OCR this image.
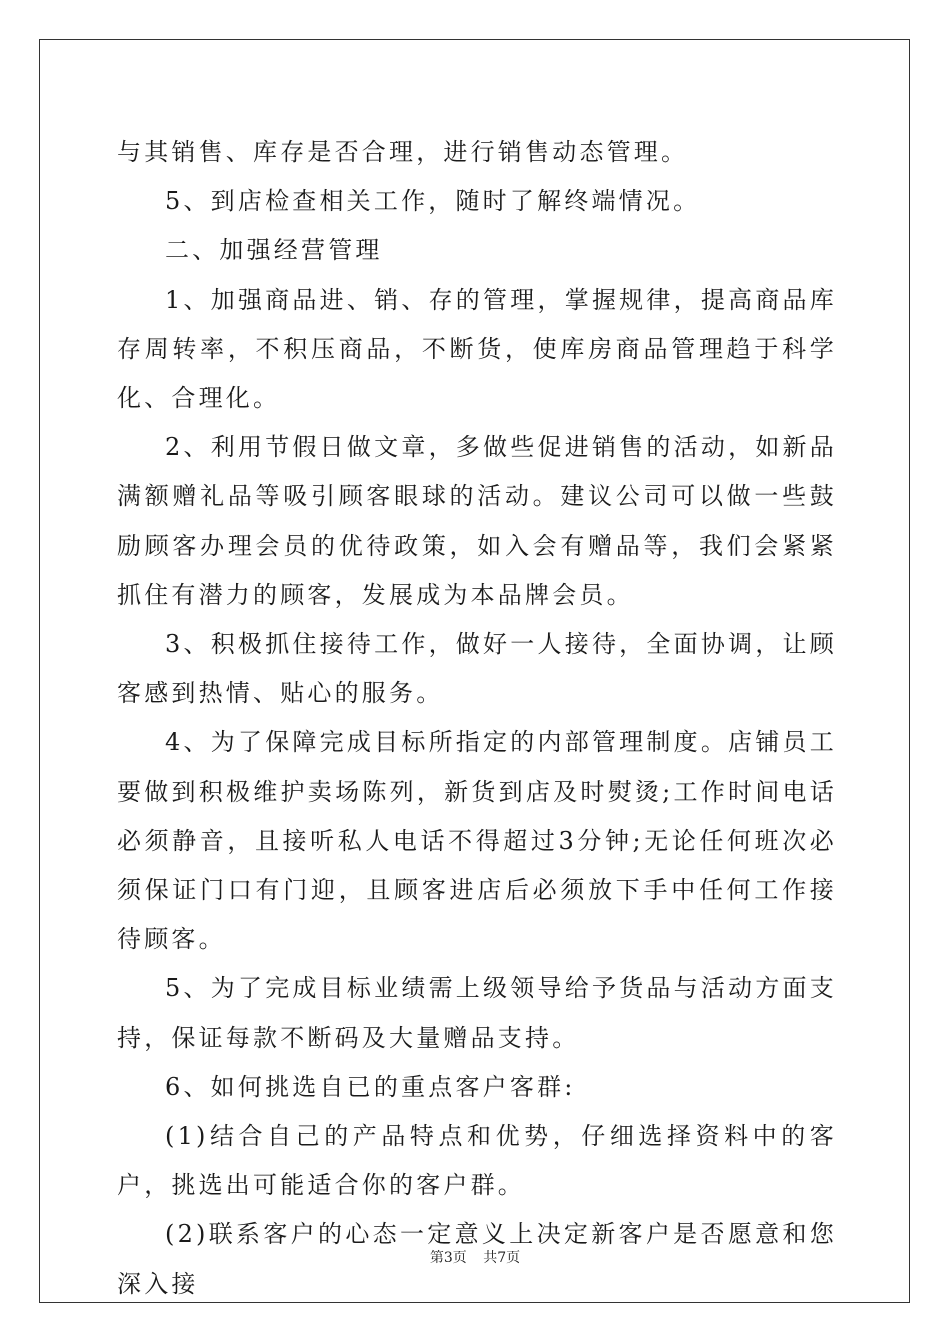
与其销售、库存是否合理，进行销售动态管理。

5、到店检查相关工作，随时了解终端情况。

二、加强经营管理

1、加强商品进、销、存的管理，掌握规律，提高商品库存周转率，不积压商品，不断货，使库房商品管理趋于科学化、合理化。

2、利用节假日做文章，多做些促进销售的活动，如新品满额赠礼品等吸引顾客眼球的活动。建议公司可以做一些鼓励顾客办理会员的优待政策，如入会有赠品等，我们会紧紧抓住有潜力的顾客，发展成为本品牌会员。

3、积极抓住接待工作，做好一人接待，全面协调，让顾客感到热情、贴心的服务。

4、为了保障完成目标所指定的内部管理制度。店铺员工要做到积极维护卖场陈列，新货到店及时熨烫;工作时间电话必须静音，且接听私人电话不得超过3分钟;无论任何班次必须保证门口有门迎，且顾客进店后必须放下手中任何工作接待顾客。

5、为了完成目标业绩需上级领导给予货品与活动方面支持，保证每款不断码及大量赠品支持。

6、如何挑选自已的重点客户客群:

(1)结合自己的产品特点和优势，仔细选择资料中的客户，挑选出可能适合你的客户群。

(2)联系客户的心态一定意义上决定新客户是否愿意和您深入接

第3页 共7页
